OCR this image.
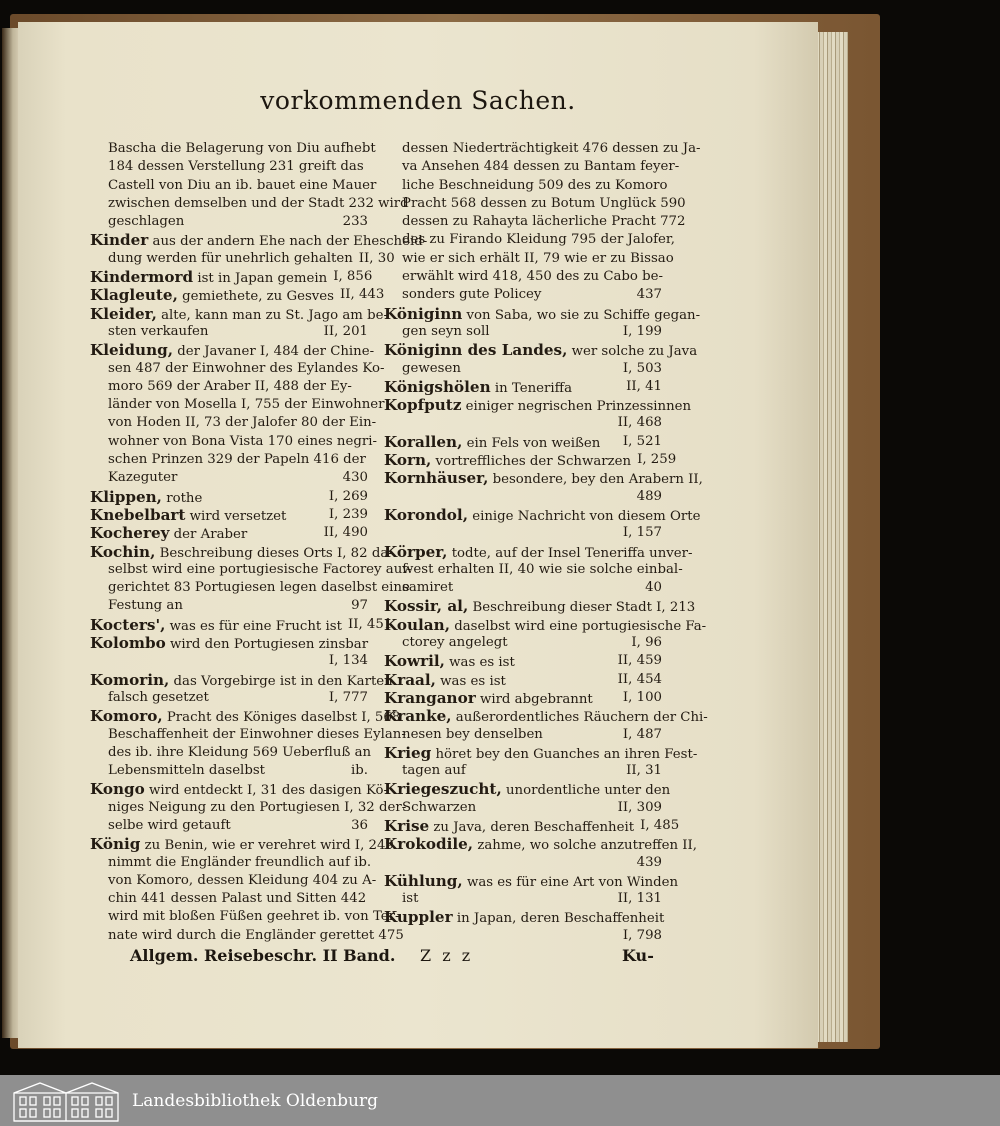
vorkommenden Sachen.
Bascha die Belagerung von Diu aufhebt
184 dessen Verstellung 231 greift das
Castell von Diu an ib. bauet eine Mauer
zwischen demselben und der Stadt 232 wird
geschlagen	233
Kinder aus der andern Ehe nach der Ehescheid-
dung werden für unehrlich gehalten II, 30
Kindermord ist in Japan gemein I, 856
Klagleute, gemiethete, zu Gesves II, 443
Kleider, alte, kann man zu St. Jago am be-
sten verkaufen	II, 201
Kleidung, der Javaner I, 484 der Chine-
sen 487 der Einwohner des Eylandes Ko-
moro 569 der Araber II, 488 der Ey-
länder von Mosella I, 755 der Einwohner
von Hoden II, 73 der Jalofer 80 der Ein-
wohner von Bona Vista 170 eines negri-
schen Prinzen 329 der Papeln 416 der
Kazeguter	430
Klippen, rothe	I, 269
Knebelbart wird versetzet	I, 239
Kocherey der Araber	II, 490
Kochin, Beschreibung dieses Orts I, 82 da-
selbst wird eine portugiesische Factorey auf-
gerichtet 83 Portugiesen legen daselbst eine
Festung an	97
Kocters', was es für eine Frucht ist II, 451
Kolombo wird den Portugiesen zinsbar
I, 134
Komorin, das Vorgebirge ist in den Karten
falsch gesetzet	I, 777
Komoro, Pracht des Königes daselbst I, 568
Beschaffenheit der Einwohner dieses Eylan-
des ib. ihre Kleidung 569 Ueberfluß an
Lebensmitteln daselbst	ib.
Kongo wird entdeckt I, 31 des dasigen Kö-
niges Neigung zu den Portugiesen I, 32 der-
selbe wird getauft	36
König zu Benin, wie er verehret wird I, 249
nimmt die Engländer freundlich auf ib.
von Komoro, dessen Kleidung 404 zu A-
chin 441 dessen Palast und Sitten 442
wird mit bloßen Füßen geehret ib. von Ter-
nate wird durch die Engländer gerettet 475
dessen Niederträchtigkeit 476 dessen zu Ja-
va Ansehen 484 dessen zu Bantam feyer-
liche Beschneidung 509 des zu Komoro
Pracht 568 dessen zu Botum Unglück 590
dessen zu Rahayta lächerliche Pracht 772
des zu Firando Kleidung 795 der Jalofer,
wie er sich erhält II, 79 wie er zu Bissao
erwählt wird 418, 450 des zu Cabo be-
sonders gute Policey	437
Königinn von Saba, wo sie zu Schiffe gegan-
gen seyn soll	I, 199
Königinn des Landes, wer solche zu Java
gewesen	I, 503
Königshölen in Teneriffa	II, 41
Kopfputz einiger negrischen Prinzessinnen
II, 468
Korallen, ein Fels von weißen	I, 521
Korn, vortreffliches der Schwarzen I, 259
Kornhäuser, besondere, bey den Arabern II,
489
Korondol, einige Nachricht von diesem Orte
I, 157
Körper, todte, auf der Insel Teneriffa unver-
west erhalten II, 40 wie sie solche einbal-
samiret	40
Kossir, al, Beschreibung dieser Stadt I, 213
Koulan, daselbst wird eine portugiesische Fa-
ctorey angelegt	I, 96
Kowril, was es ist	II, 459
Kraal, was es ist	II, 454
Kranganor wird abgebrannt	I, 100
Kranke, außerordentliches Räuchern der Chi-
nesen bey denselben	I, 487
Krieg höret bey den Guanches an ihren Fest-
tagen auf	II, 31
Kriegeszucht, unordentliche unter den
Schwarzen	II, 309
Krise zu Java, deren Beschaffenheit I, 485
Krokodile, zahme, wo solche anzutreffen II,
439
Kühlung, was es für eine Art von Winden
ist	II, 131
Kuppler in Japan, deren Beschaffenheit
I, 798
Allgem. Reisebeschr. II Band. Z z z	Ku-
Landesbibliothek Oldenburg
